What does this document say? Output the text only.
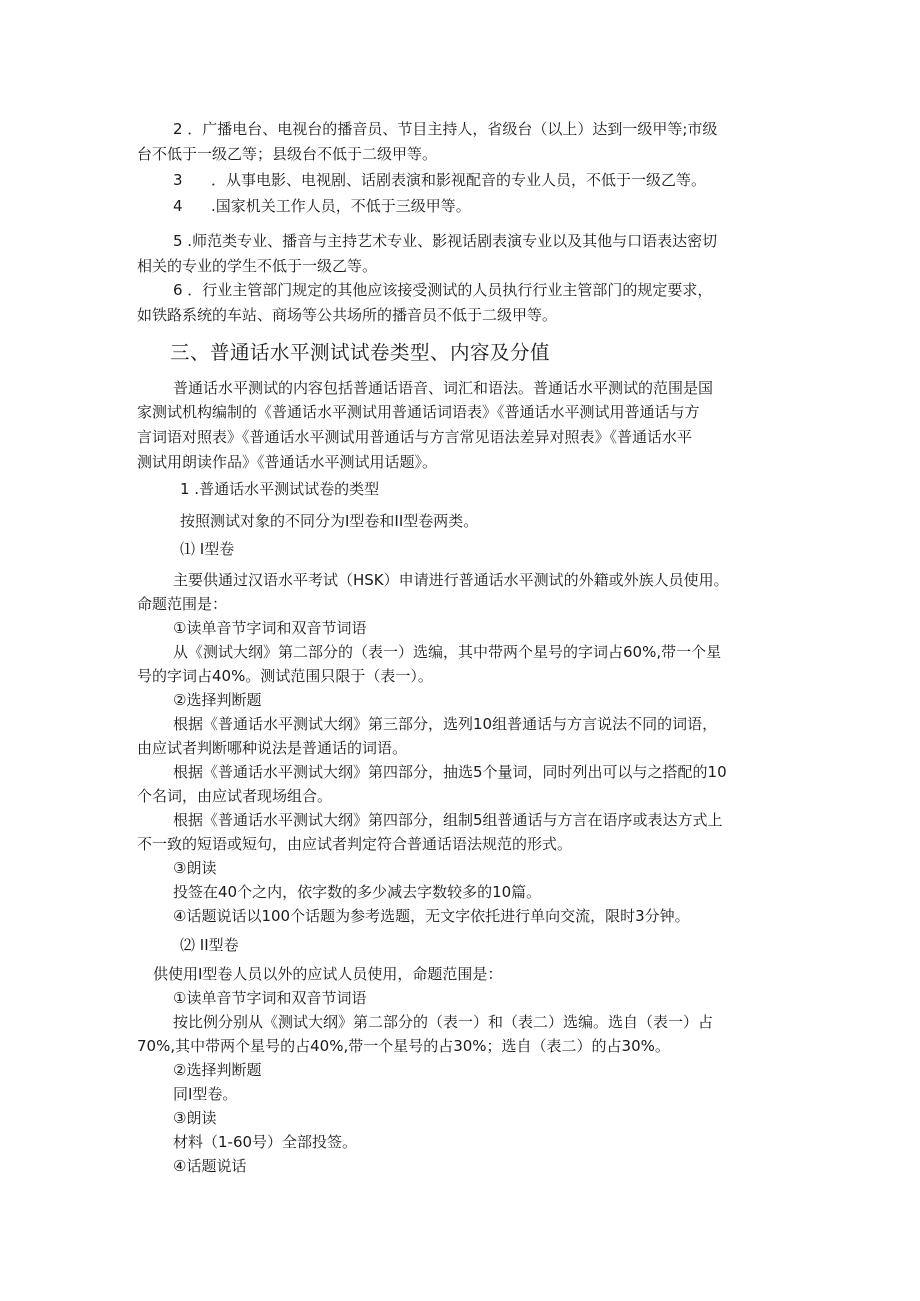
2 ．广播电台、电视台的播音员、节目主持人，省级台（以上）达到一级甲等;市级
台不低于一级乙等；县级台不低于二级甲等。
3 ．从事电影、电视剧、话剧表演和影视配音的专业人员，不低于一级乙等。
4 .国家机关工作人员，不低于三级甲等。
5 .师范类专业、播音与主持艺术专业、影视话剧表演专业以及其他与口语表达密切
相关的专业的学生不低于一级乙等。
6 ．行业主管部门规定的其他应该接受测试的人员执行行业主管部门的规定要求，
如铁路系统的车站、商场等公共场所的播音员不低于二级甲等。
三、普通话水平测试试卷类型、内容及分值
普通话水平测试的内容包括普通话语音、词汇和语法。普通话水平测试的范围是国
家测试机构编制的《普通话水平测试用普通话词语表》《普通话水平测试用普通话与方
言词语对照表》《普通话水平测试用普通话与方言常见语法差异对照表》《普通话水平
测试用朗读作品》《普通话水平测试用话题》。
1 .普通话水平测试试卷的类型
按照测试对象的不同分为I型卷和II型卷两类。
⑴ I型卷
主要供通过汉语水平考试（HSK）申请进行普通话水平测试的外籍或外族人员使用。
命题范围是：
①读单音节字词和双音节词语
从《测试大纲》第二部分的（表一）选编，其中带两个星号的字词占60%,带一个星
号的字词占40%。测试范围只限于（表一）。
②选择判断题
根据《普通话水平测试大纲》第三部分，选列10组普通话与方言说法不同的词语，
由应试者判断哪种说法是普通话的词语。
根据《普通话水平测试大纲》第四部分，抽选5个量词，同时列出可以与之搭配的10
个名词，由应试者现场组合。
根据《普通话水平测试大纲》第四部分，组制5组普通话与方言在语序或表达方式上
不一致的短语或短句，由应试者判定符合普通话语法规范的形式。
③朗读
投签在40个之内，依字数的多少减去字数较多的10篇。
④话题说话以100个话题为参考选题，无文字依托进行单向交流，限时3分钟。
⑵ II型卷
供使用I型卷人员以外的应试人员使用，命题范围是：
①读单音节字词和双音节词语
按比例分别从《测试大纲》第二部分的（表一）和（表二）选编。选自（表一）占
70%,其中带两个星号的占40%,带一个星号的占30%；选自（表二）的占30%。
②选择判断题
同I型卷。
③朗读
材料（1-60号）全部投签。
④话题说话
